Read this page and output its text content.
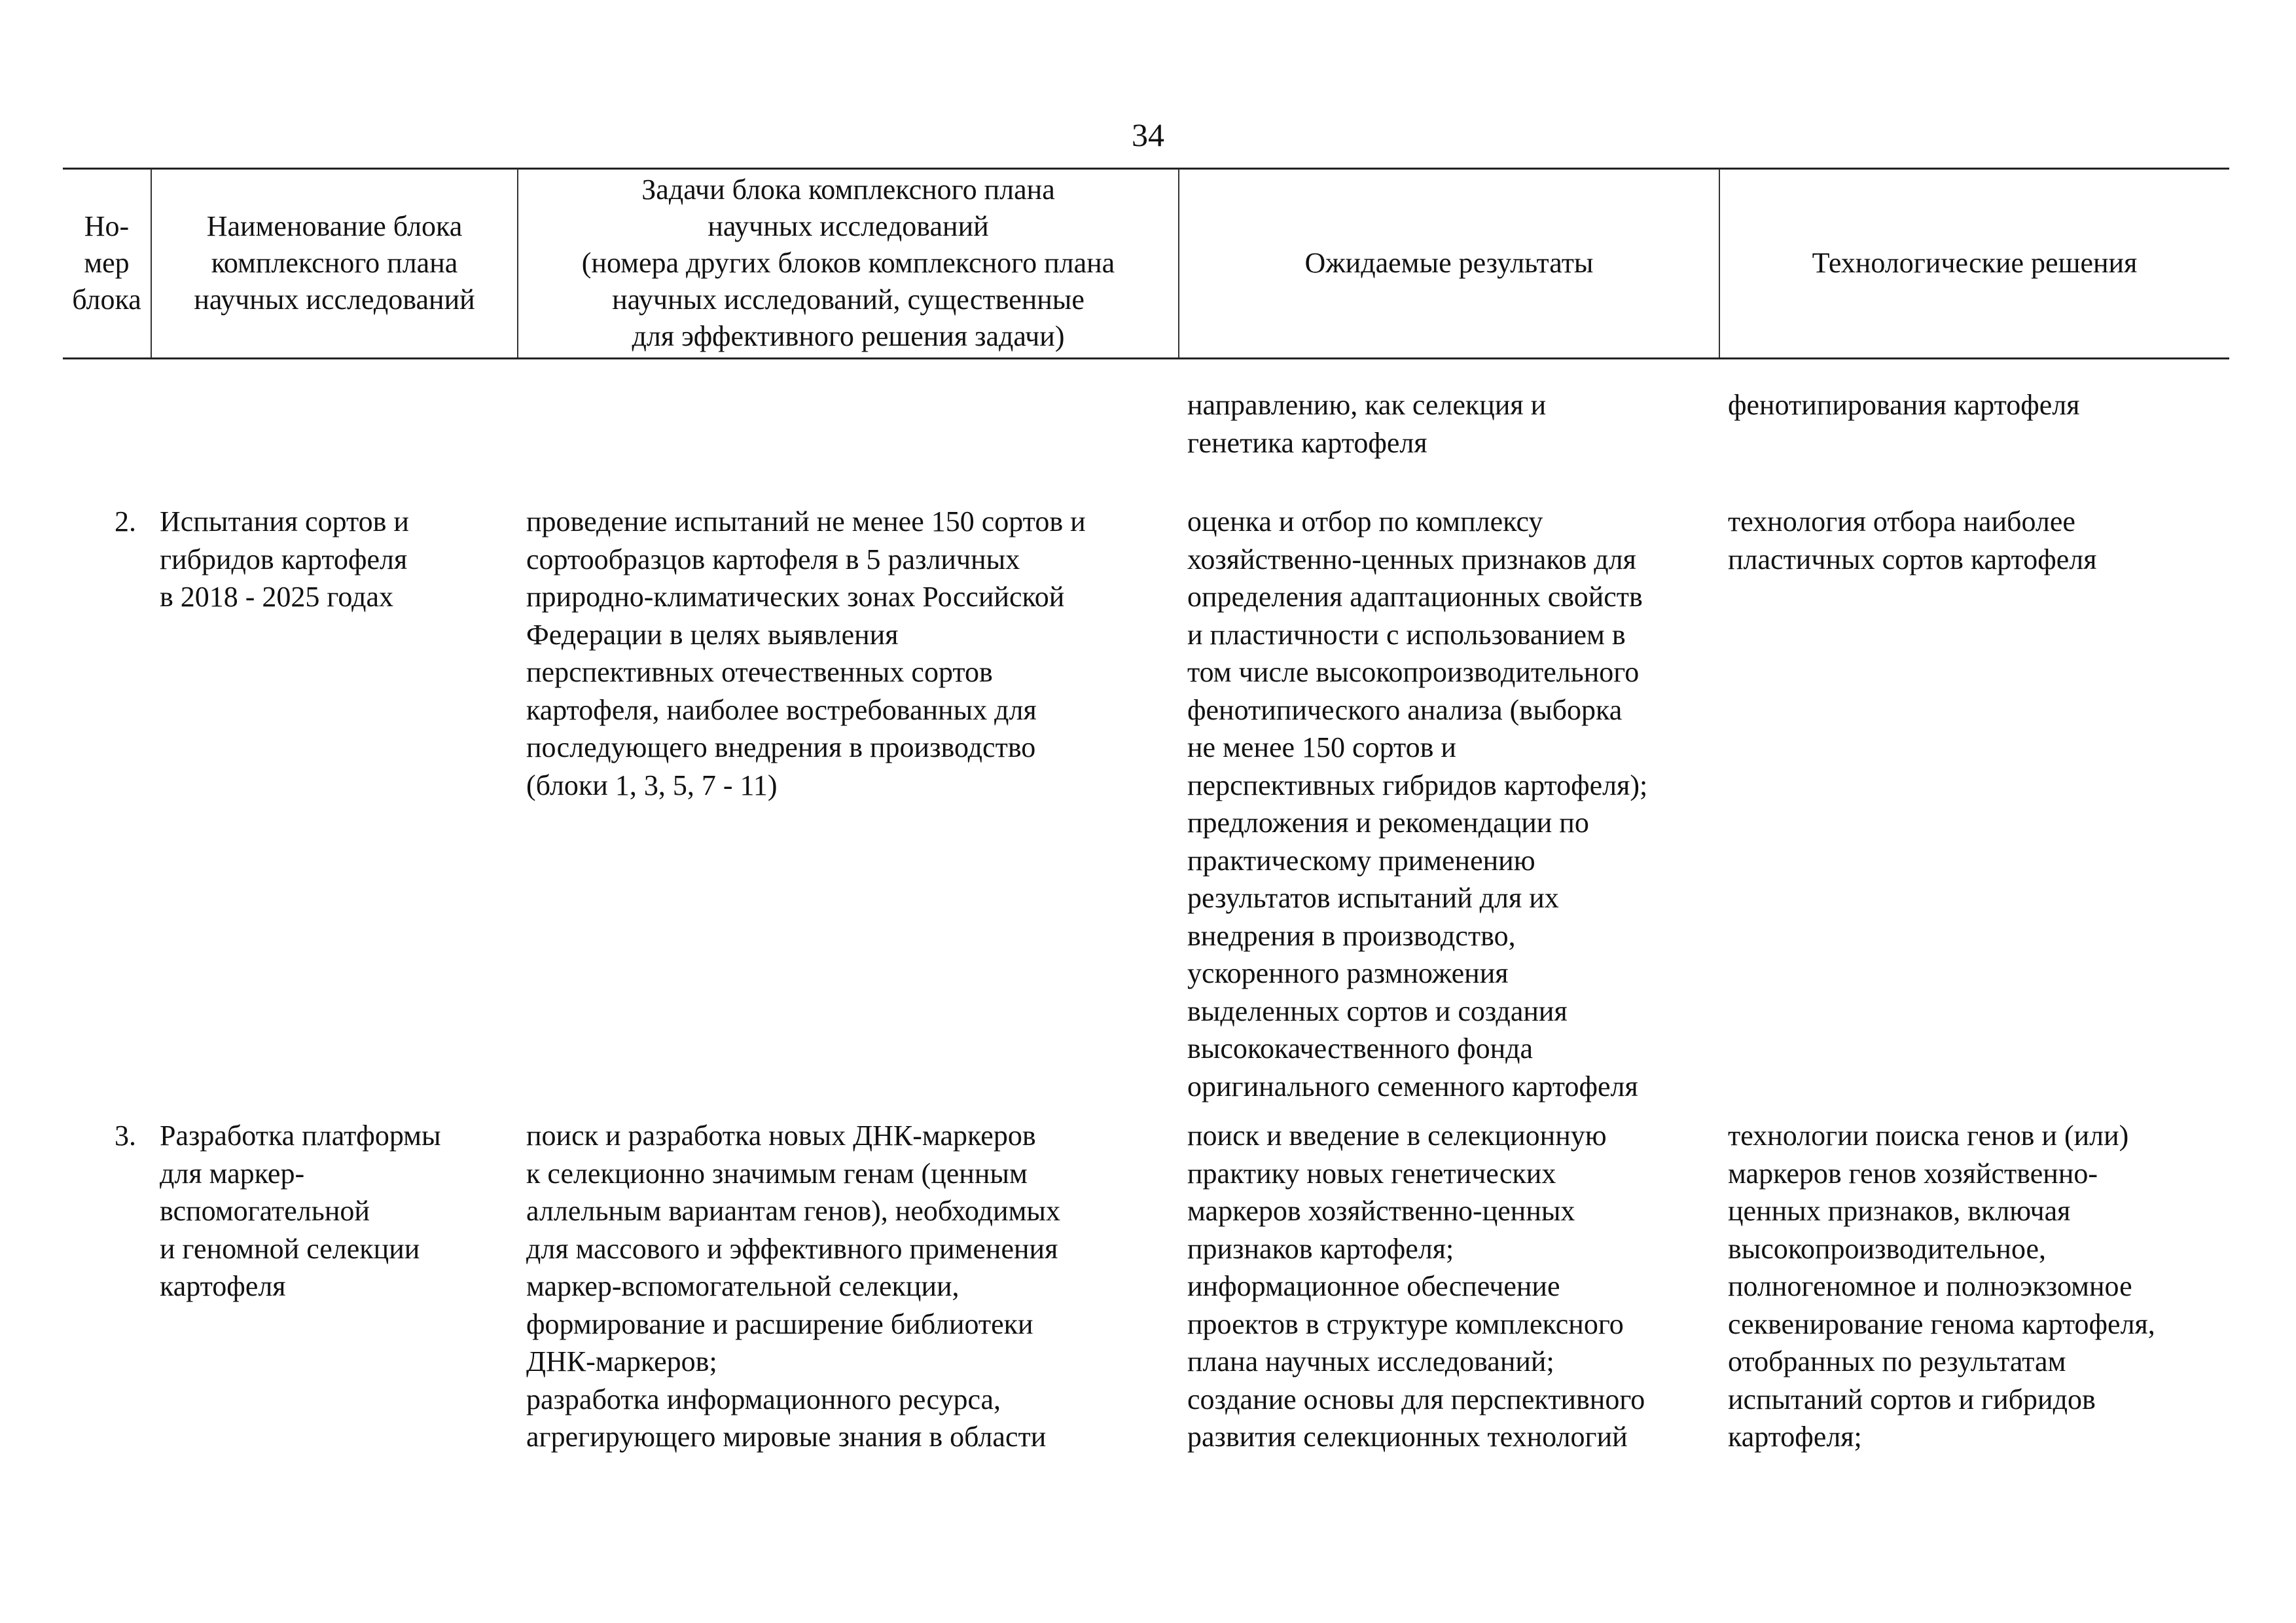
34
Но-
мер
блока
Наименование блока
комплексного плана
научных исследований
Задачи блока комплексного плана
научных исследований
(номера других блоков комплексного плана
научных исследований, существенные
для эффективного решения задачи)
Ожидаемые результаты	Технологические решения
направлению, как селекция и
генетика картофеля
фенотипирования картофеля
2. Испытания сортов и
гибридов картофеля
в 2018 - 2025 годах
проведение испытаний не менее 150 сортов и
сортообразцов картофеля в 5 различных
природно-климатических зонах Российской
Федерации в целях выявления
перспективных отечественных сортов
картофеля, наиболее востребованных для
последующего внедрения в производство
(блоки 1, 3, 5, 7 - 11)
оценка и отбор по комплексу
хозяйственно-ценных признаков для
определения адаптационных свойств
и пластичности с использованием в
том числе высокопроизводительного
фенотипического анализа (выборка
не менее 150 сортов и
перспективных гибридов картофеля);
предложения и рекомендации по
практическому применению
результатов испытаний для их
внедрения в производство,
ускоренного размножения
выделенных сортов и создания
высококачественного фонда
оригинального семенного картофеля
технология отбора наиболее
пластичных сортов картофеля
3. Разработка платформы
для маркер-
вспомогательной
и геномной селекции
картофеля
поиск и разработка новых ДНК-маркеров
к селекционно значимым генам (ценным
аллельным вариантам генов), необходимых
для массового и эффективного применения
маркер-вспомогательной селекции,
формирование и расширение библиотеки
ДНК-маркеров;
разработка информационного ресурса,
агрегирующего мировые знания в области
поиск и введение в селекционную
практику новых генетических
маркеров хозяйственно-ценных
признаков картофеля;
информационное обеспечение
проектов в структуре комплексного
плана научных исследований;
создание основы для перспективного
развития селекционных технологий
технологии поиска генов и (или)
маркеров генов хозяйственно-
ценных признаков, включая
высокопроизводительное,
полногеномное и полноэкзомное
секвенирование генома картофеля,
отобранных по результатам
испытаний сортов и гибридов
картофеля;
